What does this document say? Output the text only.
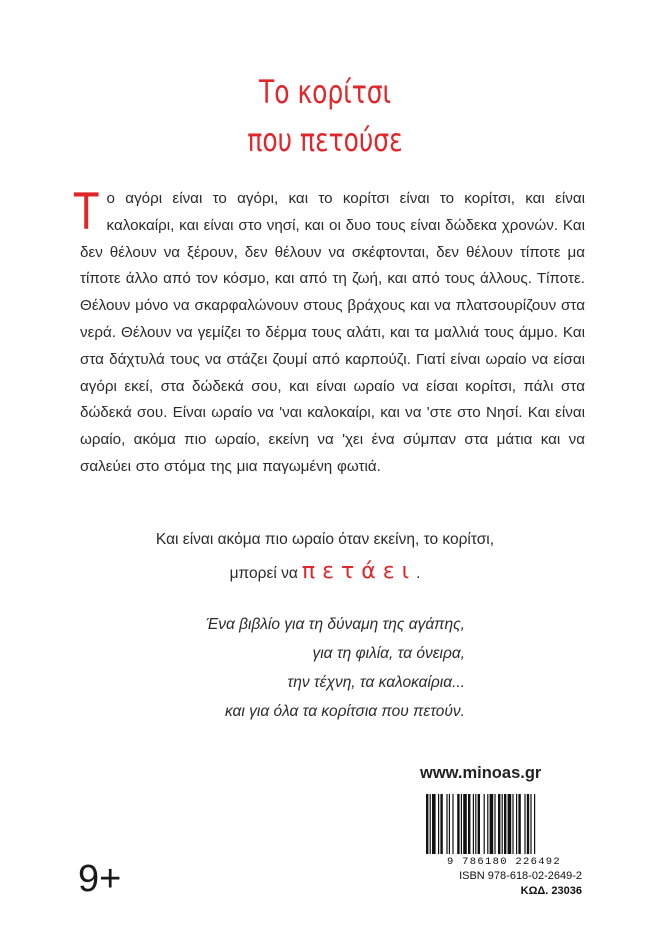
Το κορίτσι
που πετούσε
Το αγόρι είναι το αγόρι, και το κορίτσι είναι το κορίτσι, και είναι καλοκαίρι, και είναι στο νησί, και οι δυο τους είναι δώδεκα χρονών. Και δεν θέλουν να ξέρουν, δεν θέλουν να σκέφτονται, δεν θέλουν τίποτε μα τίποτε άλλο από τον κόσμο, και από τη ζωή, και από τους άλλους. Τίποτε. Θέλουν μόνο να σκαρφαλώνουν στους βράχους και να πλατσουρίζουν στα νερά. Θέλουν να γεμίζει το δέρμα τους αλάτι, και τα μαλλιά τους άμμο. Και στα δάχτυλά τους να στάζει ζουμί από καρπούζι. Γιατί είναι ωραίο να είσαι αγόρι εκεί, στα δώδεκά σου, και είναι ωραίο να είσαι κορίτσι, πάλι στα δώδεκά σου. Είναι ωραίο να 'ναι καλοκαίρι, και να 'στε στο Νησί. Και είναι ωραίο, ακόμα πιο ωραίο, εκείνη να 'χει ένα σύμπαν στα μάτια και να σαλεύει στο στόμα της μια παγωμένη φωτιά.
Και είναι ακόμα πιο ωραίο όταν εκείνη, το κορίτσι,
μπορεί να πετάει.
Ένα βιβλίο για τη δύναμη της αγάπης,
για τη φιλία, τα όνειρα,
την τέχνη, τα καλοκαίρια...
και για όλα τα κορίτσια που πετούν.
www.minoas.gr
9 786180 226492
ISBN 978-618-02-2649-2
ΚΩΔ. 23036
9+
